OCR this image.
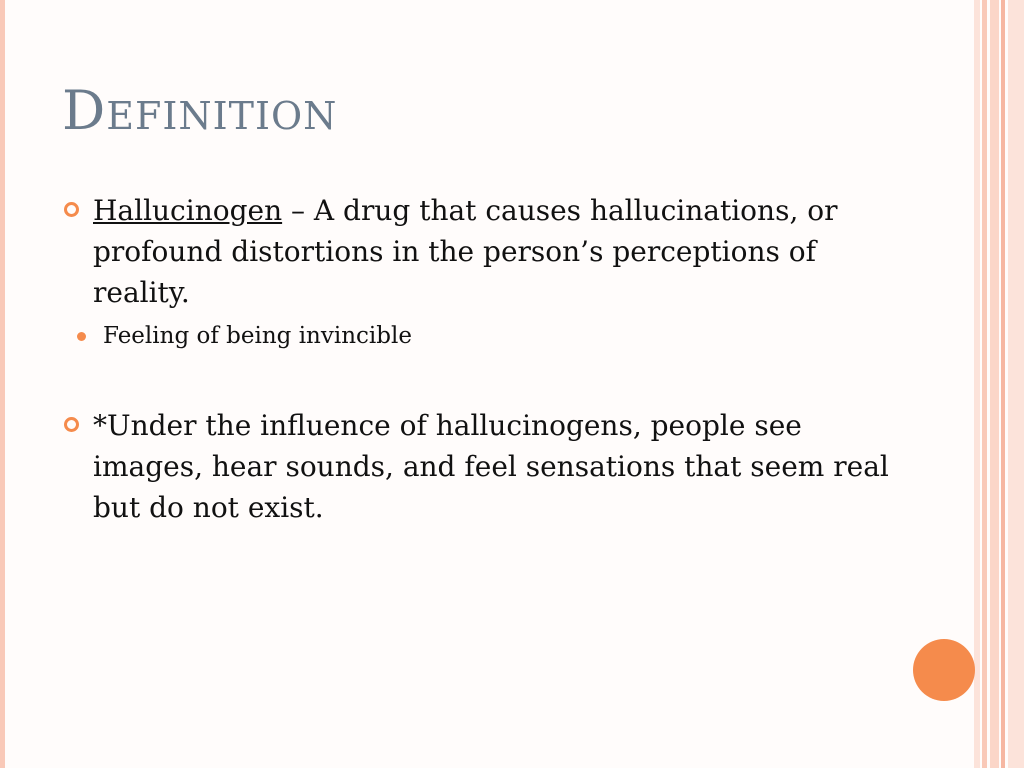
Definition
Hallucinogen – A drug that causes hallucinations, or profound distortions in the person’s perceptions of reality.
Feeling of being invincible
*Under the influence of hallucinogens, people see images, hear sounds, and feel sensations that seem real but do not exist.
